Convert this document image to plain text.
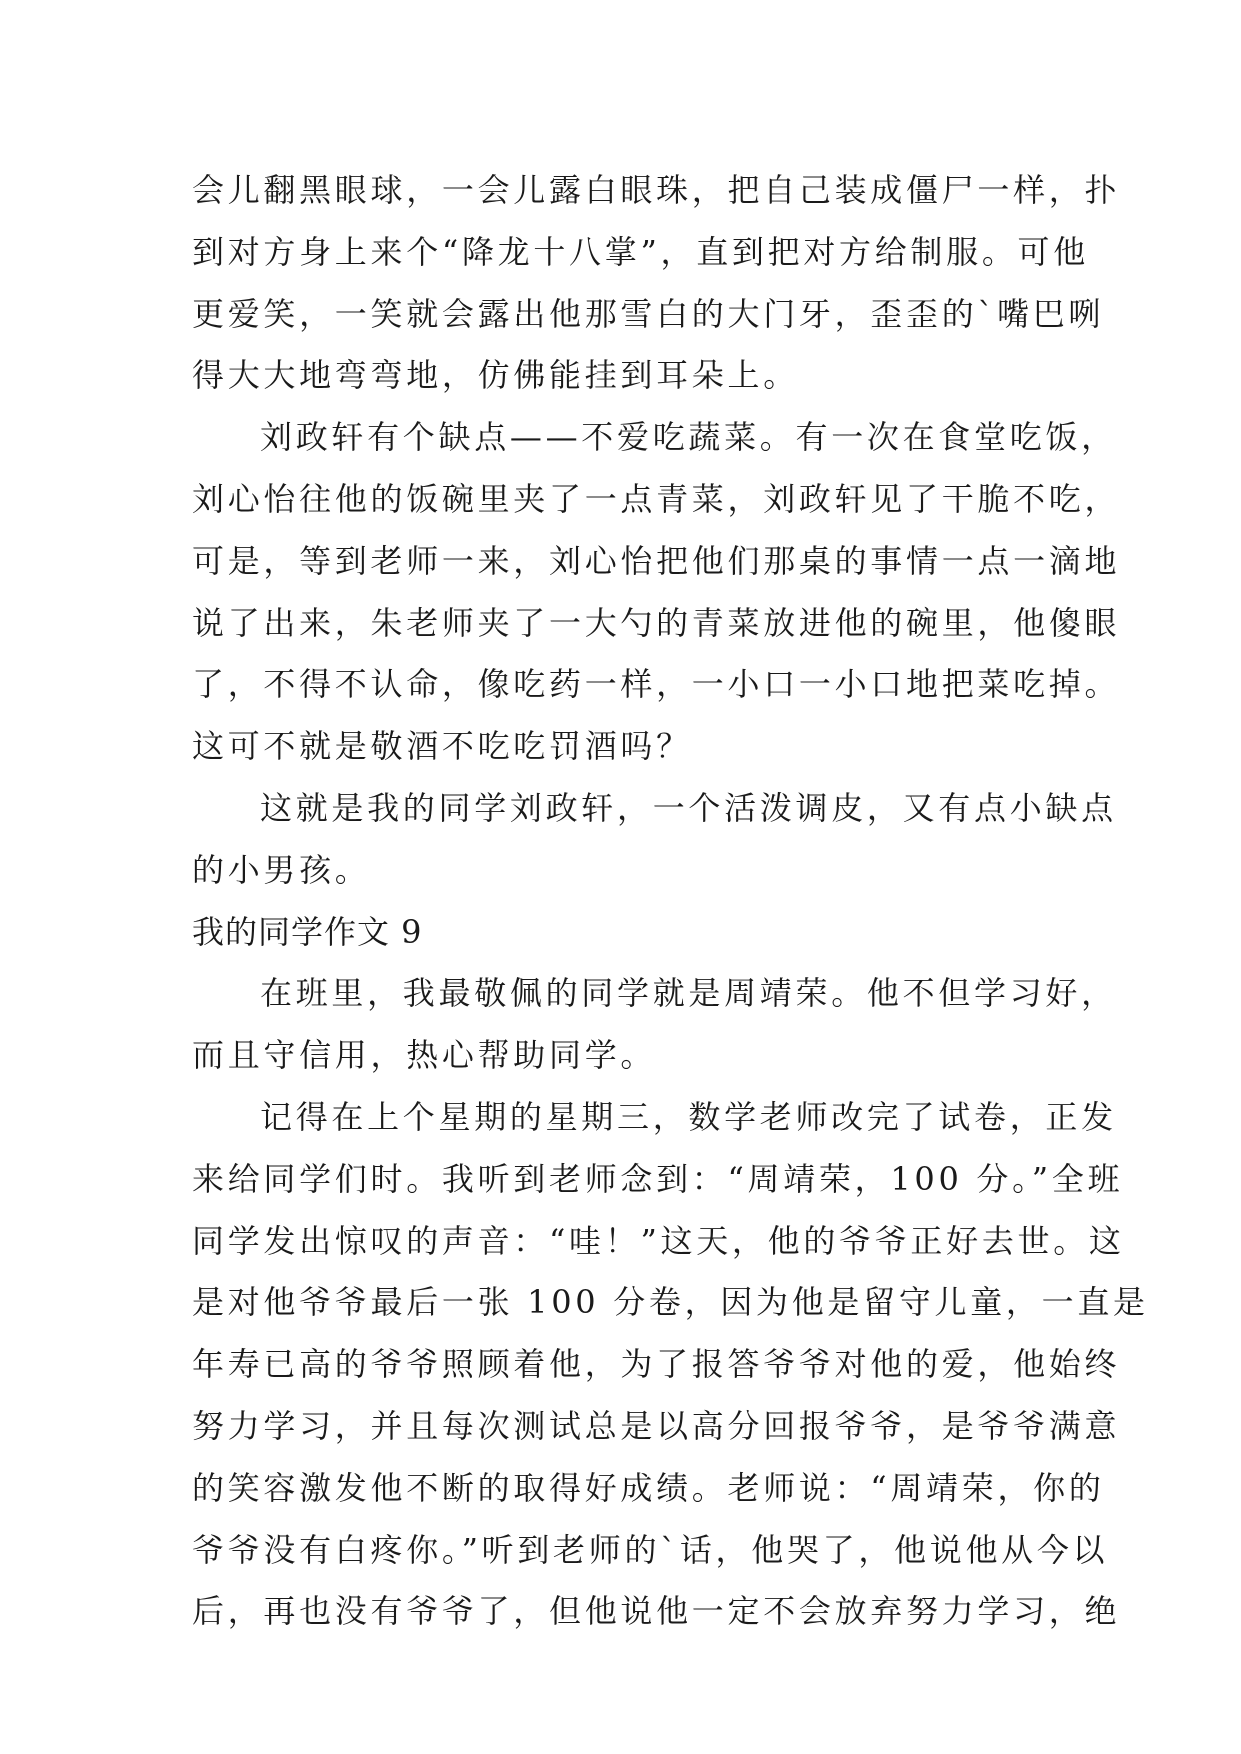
会儿翻黑眼球，一会儿露白眼珠，把自己装成僵尸一样，扑
到对方身上来个“降龙十八掌”，直到把对方给制服。可他
更爱笑，一笑就会露出他那雪白的大门牙，歪歪的`嘴巴咧
得大大地弯弯地，仿佛能挂到耳朵上。
刘政轩有个缺点——不爱吃蔬菜。有一次在食堂吃饭，
刘心怡往他的饭碗里夹了一点青菜，刘政轩见了干脆不吃，
可是，等到老师一来，刘心怡把他们那桌的事情一点一滴地
说了出来，朱老师夹了一大勺的青菜放进他的碗里，他傻眼
了，不得不认命，像吃药一样，一小口一小口地把菜吃掉。
这可不就是敬酒不吃吃罚酒吗？
这就是我的同学刘政轩，一个活泼调皮，又有点小缺点
的小男孩。
我的同学作文 9
在班里，我最敬佩的同学就是周靖荣。他不但学习好，
而且守信用，热心帮助同学。
记得在上个星期的星期三，数学老师改完了试卷，正发
来给同学们时。我听到老师念到：“周靖荣，100 分。”全班
同学发出惊叹的声音：“哇！”这天，他的爷爷正好去世。这
是对他爷爷最后一张 100 分卷，因为他是留守儿童，一直是
年寿已高的爷爷照顾着他，为了报答爷爷对他的爱，他始终
努力学习，并且每次测试总是以高分回报爷爷，是爷爷满意
的笑容激发他不断的取得好成绩。老师说：“周靖荣，你的
爷爷没有白疼你。”听到老师的`话，他哭了，他说他从今以
后，再也没有爷爷了，但他说他一定不会放弃努力学习，绝
